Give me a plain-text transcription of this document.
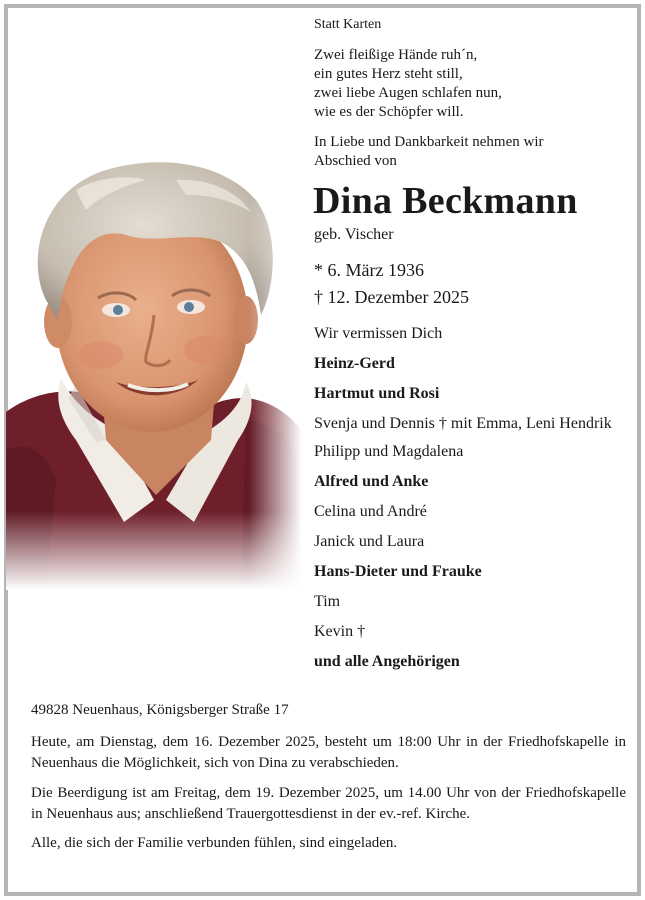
Statt Karten

Zwei fleißige Hände ruh´n,
ein gutes Herz steht still,
zwei liebe Augen schlafen nun,
wie es der Schöpfer will.
In Liebe und Dankbarkeit nehmen wir
Abschied von
Dina Beckmann
geb. Vischer
* 6. März 1936
† 12. Dezember 2025
Wir vermissen Dich
Heinz-Gerd
Hartmut und Rosi
Svenja und Dennis † mit Emma, Leni Hendrik
Philipp und Magdalena
Alfred und Anke
Celina und André
Janick und Laura
Hans-Dieter und Frauke
Tim
Kevin †
und alle Angehörigen

49828 Neuenhaus, Königsberger Straße 17

Heute, am Dienstag, dem 16. Dezember 2025, besteht um 18:00 Uhr in der Friedhofskapelle in Neuenhaus die Möglichkeit, sich von Dina zu verabschieden.

Die Beerdigung ist am Freitag, dem 19. Dezember 2025, um 14.00 Uhr von der Friedhofskapelle in Neuenhaus aus; anschließend Trauergottesdienst in der ev.-ref. Kirche.

Alle, die sich der Familie verbunden fühlen, sind eingeladen.
